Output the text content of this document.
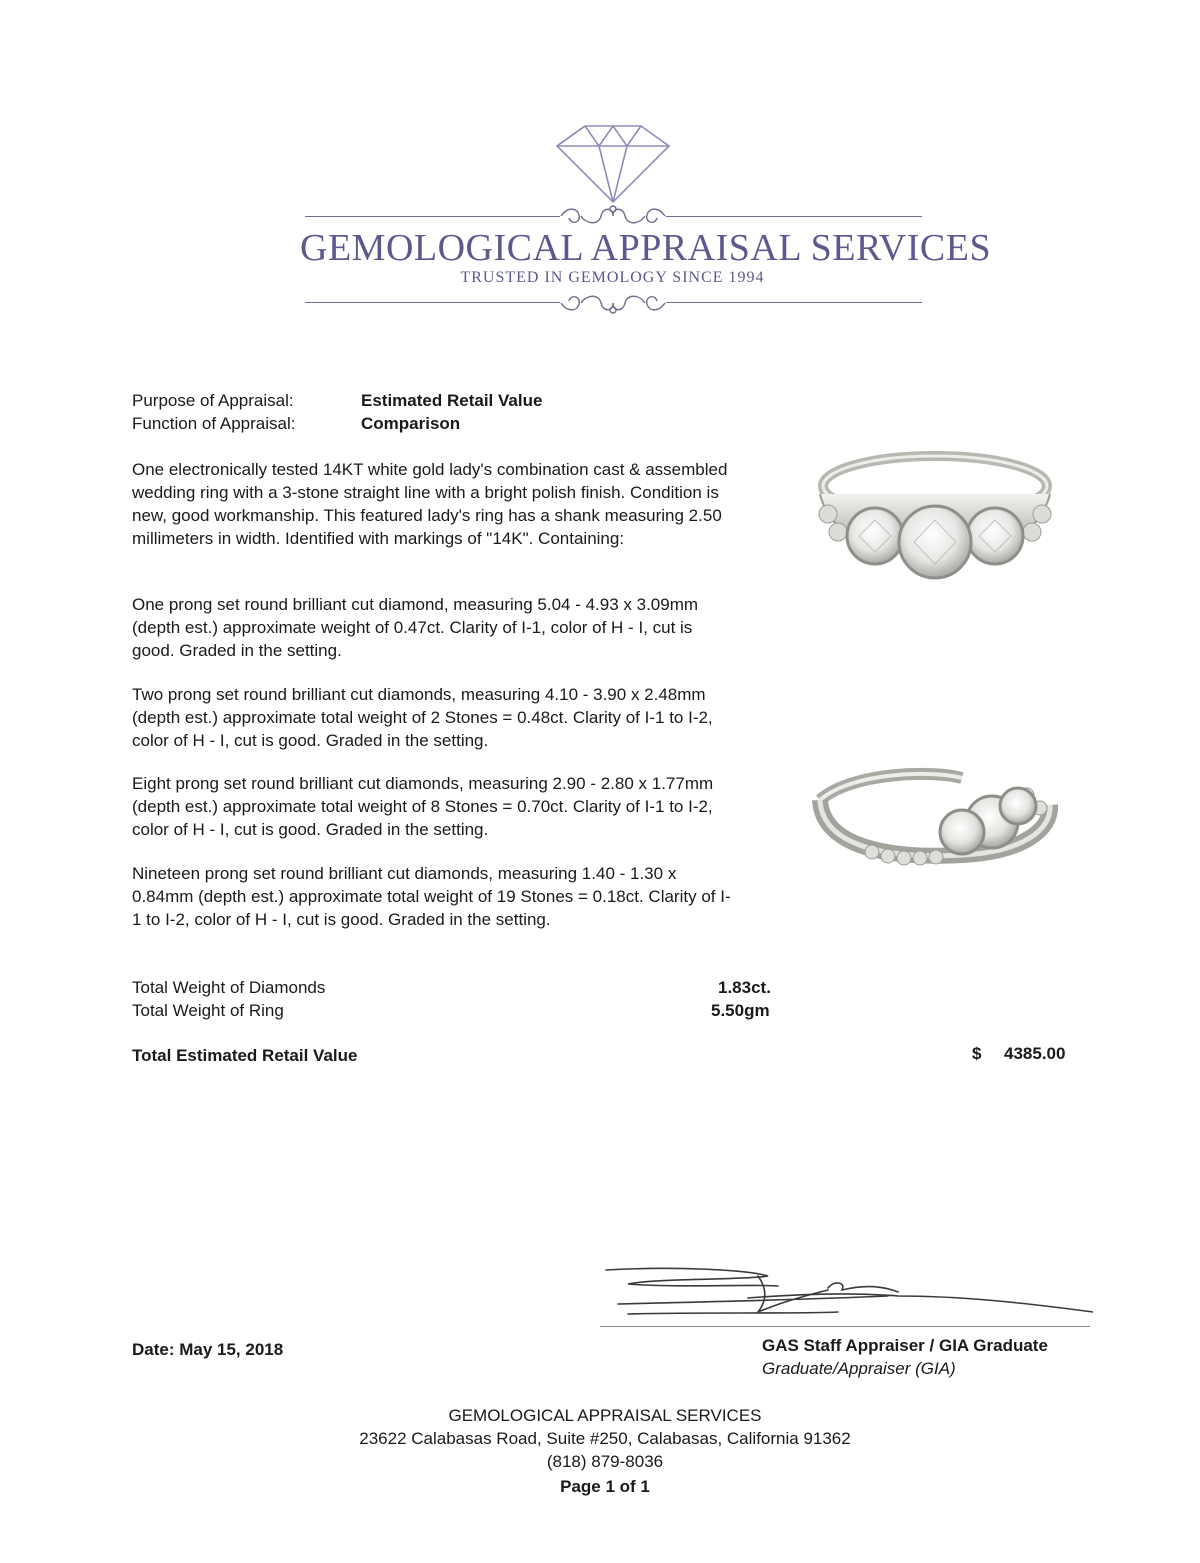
GEMOLOGICAL APPRAISAL SERVICES
TRUSTED IN GEMOLOGY SINCE 1994
Purpose of Appraisal:	Estimated Retail Value
Function of Appraisal:	Comparison
One electronically tested 14KT white gold lady's combination cast & assembled wedding ring with a 3-stone straight line with a bright polish finish. Condition is new, good workmanship. This featured lady's ring has a shank measuring 2.50 millimeters in width. Identified with markings of "14K". Containing:
One prong set round brilliant cut diamond, measuring 5.04 - 4.93 x 3.09mm (depth est.) approximate weight of 0.47ct. Clarity of I-1, color of H - I, cut is good. Graded in the setting.
Two prong set round brilliant cut diamonds, measuring 4.10 - 3.90 x 2.48mm (depth est.) approximate total weight of 2 Stones = 0.48ct. Clarity of I-1 to I-2, color of H - I, cut is good. Graded in the setting.
Eight prong set round brilliant cut diamonds, measuring 2.90 - 2.80 x 1.77mm (depth est.) approximate total weight of 8 Stones = 0.70ct. Clarity of I-1 to I-2, color of H - I, cut is good. Graded in the setting.
Nineteen prong set round brilliant cut diamonds, measuring 1.40 - 1.30 x 0.84mm (depth est.) approximate total weight of 19 Stones = 0.18ct. Clarity of I-1 to I-2, color of H - I, cut is good. Graded in the setting.
Total Weight of Diamonds	1.83ct.
Total Weight of Ring	5.50gm
Total Estimated Retail Value	$ 4385.00
Date: May 15, 2018	GAS Staff Appraiser / GIA Graduate
Graduate/Appraiser (GIA)
GEMOLOGICAL APPRAISAL SERVICES
23622 Calabasas Road, Suite #250, Calabasas, California 91362
(818) 879-8036
Page 1 of 1
